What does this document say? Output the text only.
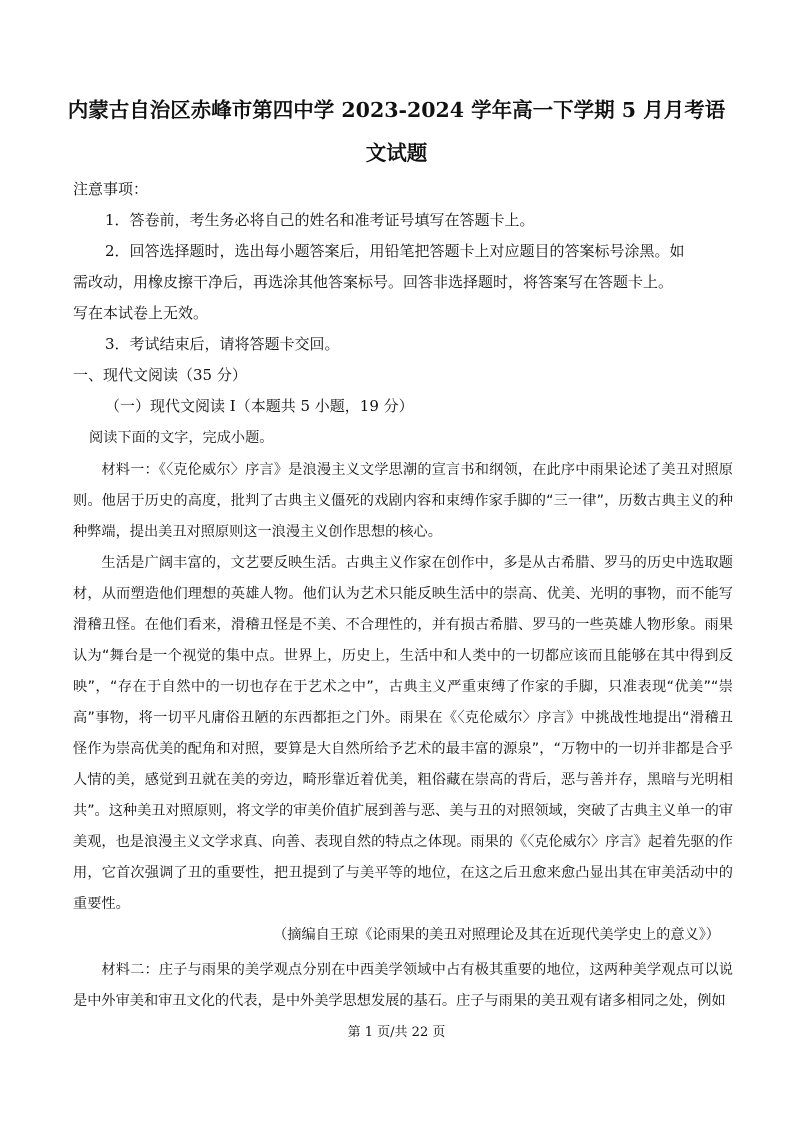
内蒙古自治区赤峰市第四中学 2023-2024 学年高一下学期 5 月月考语
文试题
注意事项：
1．答卷前，考生务必将自己的姓名和准考证号填写在答题卡上。
2．回答选择题时，选出每小题答案后，用铅笔把答题卡上对应题目的答案标号涂黑。如
需改动，用橡皮擦干净后，再选涂其他答案标号。回答非选择题时，将答案写在答题卡上。
写在本试卷上无效。
3．考试结束后，请将答题卡交回。
一、现代文阅读（35 分）
（一）现代文阅读 I（本题共 5 小题，19 分）
阅读下面的文字，完成小题。
材料一：《〈克伦威尔〉序言》是浪漫主义文学思潮的宣言书和纲领，在此序中雨果论述了美丑对照原则。他居于历史的高度，批判了古典主义僵死的戏剧内容和束缚作家手脚的“三一律”，历数古典主义的种种弊端，提出美丑对照原则这一浪漫主义创作思想的核心。
生活是广阔丰富的，文艺要反映生活。古典主义作家在创作中，多是从古希腊、罗马的历史中选取题材，从而塑造他们理想的英雄人物。他们认为艺术只能反映生活中的崇高、优美、光明的事物，而不能写滑稽丑怪。在他们看来，滑稽丑怪是不美、不合理性的，并有损古希腊、罗马的一些英雄人物形象。雨果认为“舞台是一个视觉的集中点。世界上，历史上，生活中和人类中的一切都应该而且能够在其中得到反映”，“存在于自然中的一切也存在于艺术之中”，古典主义严重束缚了作家的手脚，只准表现“优美”“崇高”事物，将一切平凡庸俗丑陋的东西都拒之门外。雨果在《〈克伦威尔〉序言》中挑战性地提出“滑稽丑怪作为崇高优美的配角和对照，要算是大自然所给予艺术的最丰富的源泉”，“万物中的一切并非都是合乎人情的美，感觉到丑就在美的旁边，畸形靠近着优美，粗俗藏在崇高的背后，恶与善并存，黑暗与光明相共”。这种美丑对照原则，将文学的审美价值扩展到善与恶、美与丑的对照领域，突破了古典主义单一的审美观，也是浪漫主义文学求真、向善、表现自然的特点之体现。雨果的《〈克伦威尔〉序言》起着先驱的作用，它首次强调了丑的重要性，把丑提到了与美平等的地位，在这之后丑愈来愈凸显出其在审美活动中的重要性。
（摘编自王琼《论雨果的美丑对照理论及其在近现代美学史上的意义》）
材料二：庄子与雨果的美学观点分别在中西美学领域中占有极其重要的地位，这两种美学观点可以说是中外审美和审丑文化的代表，是中外美学思想发展的基石。庄子与雨果的美丑观有诸多相同之处，例如
第 1 页/共 22 页
